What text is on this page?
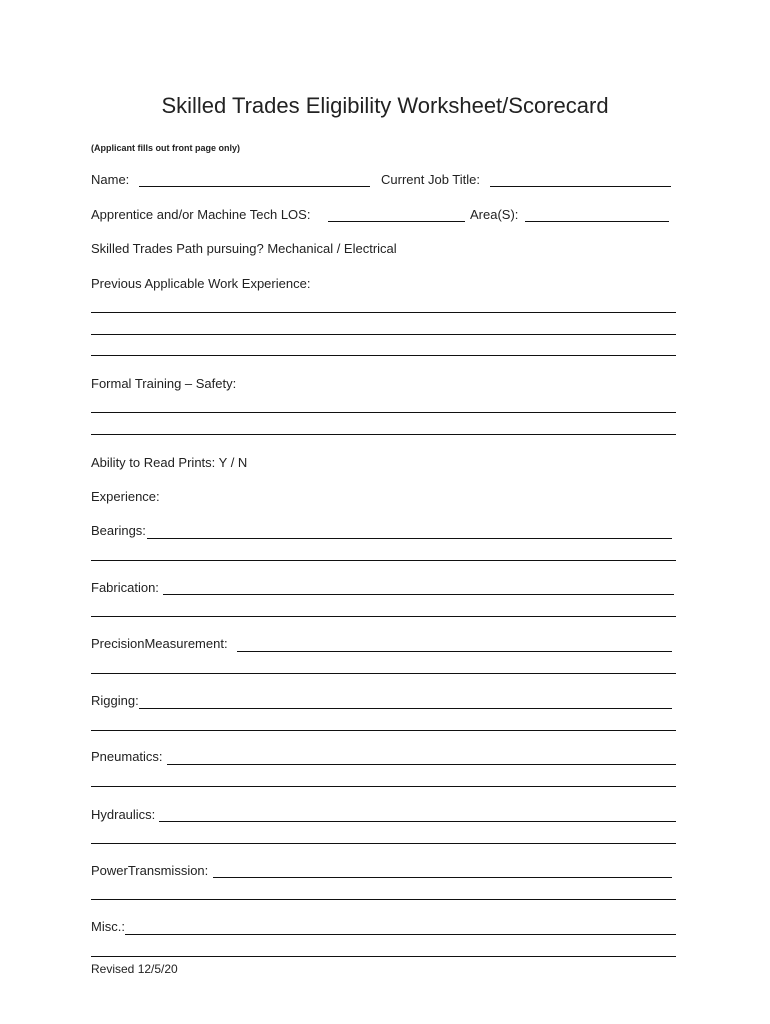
Skilled Trades Eligibility Worksheet/Scorecard
(Applicant fills out front page only)
Name:	Current Job Title:
Apprentice and/or Machine Tech LOS:	Area(S):
Skilled Trades Path pursuing? Mechanical / Electrical
Previous Applicable Work Experience:
Formal Training – Safety:
Ability to Read Prints: Y / N
Experience:
Bearings:
Fabrication:
PrecisionMeasurement:
Rigging:
Pneumatics:
Hydraulics:
PowerTransmission:
Misc.:
Revised 12/5/20
